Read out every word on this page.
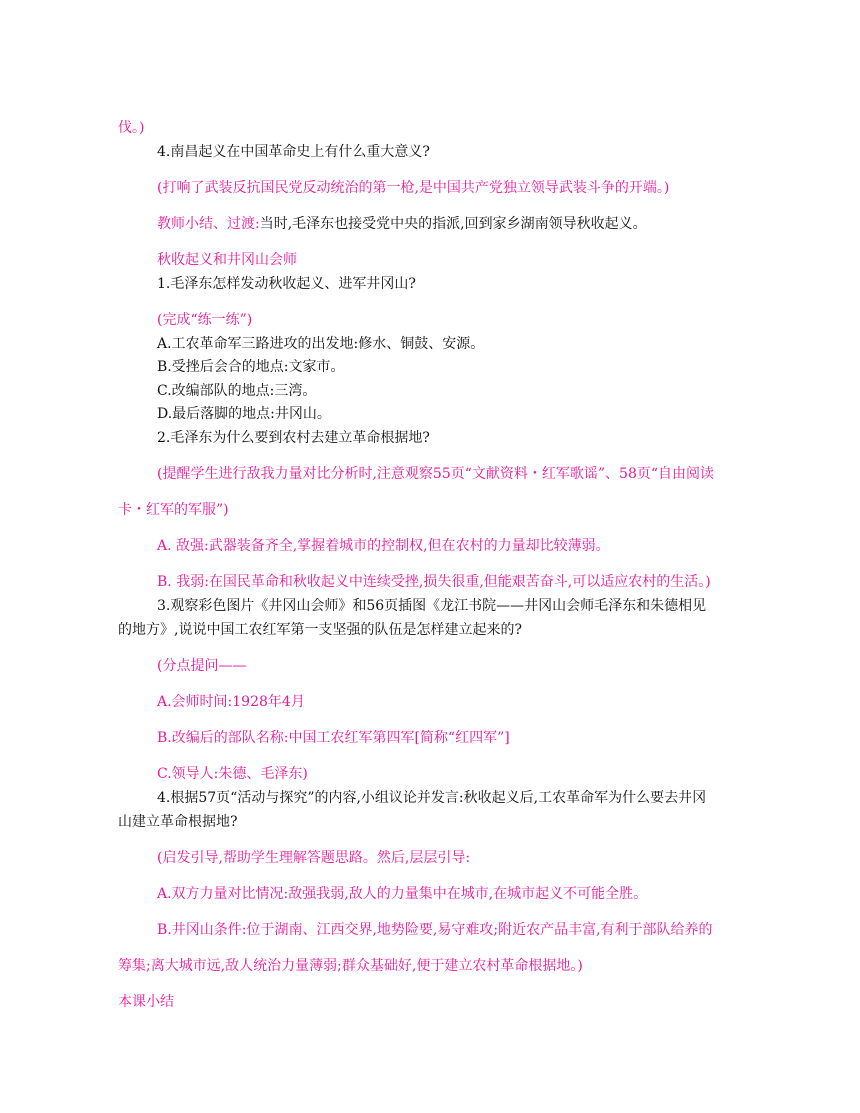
伐。)
4.南昌起义在中国革命史上有什么重大意义?
(打响了武装反抗国民党反动统治的第一枪,是中国共产党独立领导武装斗争的开端。)
教师小结、过渡:当时,毛泽东也接受党中央的指派,回到家乡湖南领导秋收起义。
秋收起义和井冈山会师
1.毛泽东怎样发动秋收起义、进军井冈山?
(完成“练一练”)
A.工农革命军三路进攻的出发地:修水、铜鼓、安源。
B.受挫后会合的地点:文家市。
C.改编部队的地点:三湾。
D.最后落脚的地点:井冈山。
2.毛泽东为什么要到农村去建立革命根据地?
(提醒学生进行敌我力量对比分析时,注意观察55页“文献资料・红军歌谣”、58页“自由阅读
卡・红军的军服”)
A. 敌强:武器装备齐全,掌握着城市的控制权,但在农村的力量却比较薄弱。
B. 我弱:在国民革命和秋收起义中连续受挫,损失很重,但能艰苦奋斗,可以适应农村的生活。)
3.观察彩色图片《井冈山会师》和56页插图《龙江书院——井冈山会师毛泽东和朱德相见
的地方》,说说中国工农红军第一支坚强的队伍是怎样建立起来的?
(分点提问——
A.会师时间:1928年4月
B.改编后的部队名称:中国工农红军第四军[简称“红四军”]
C.领导人:朱德、毛泽东)
4.根据57页“活动与探究”的内容,小组议论并发言:秋收起义后,工农革命军为什么要去井冈
山建立革命根据地?
(启发引导,帮助学生理解答题思路。然后,层层引导:
A.双方力量对比情况:敌强我弱,敌人的力量集中在城市,在城市起义不可能全胜。
B.井冈山条件:位于湖南、江西交界,地势险要,易守难攻;附近农产品丰富,有利于部队给养的
筹集;离大城市远,敌人统治力量薄弱;群众基础好,便于建立农村革命根据地。)
本课小结
